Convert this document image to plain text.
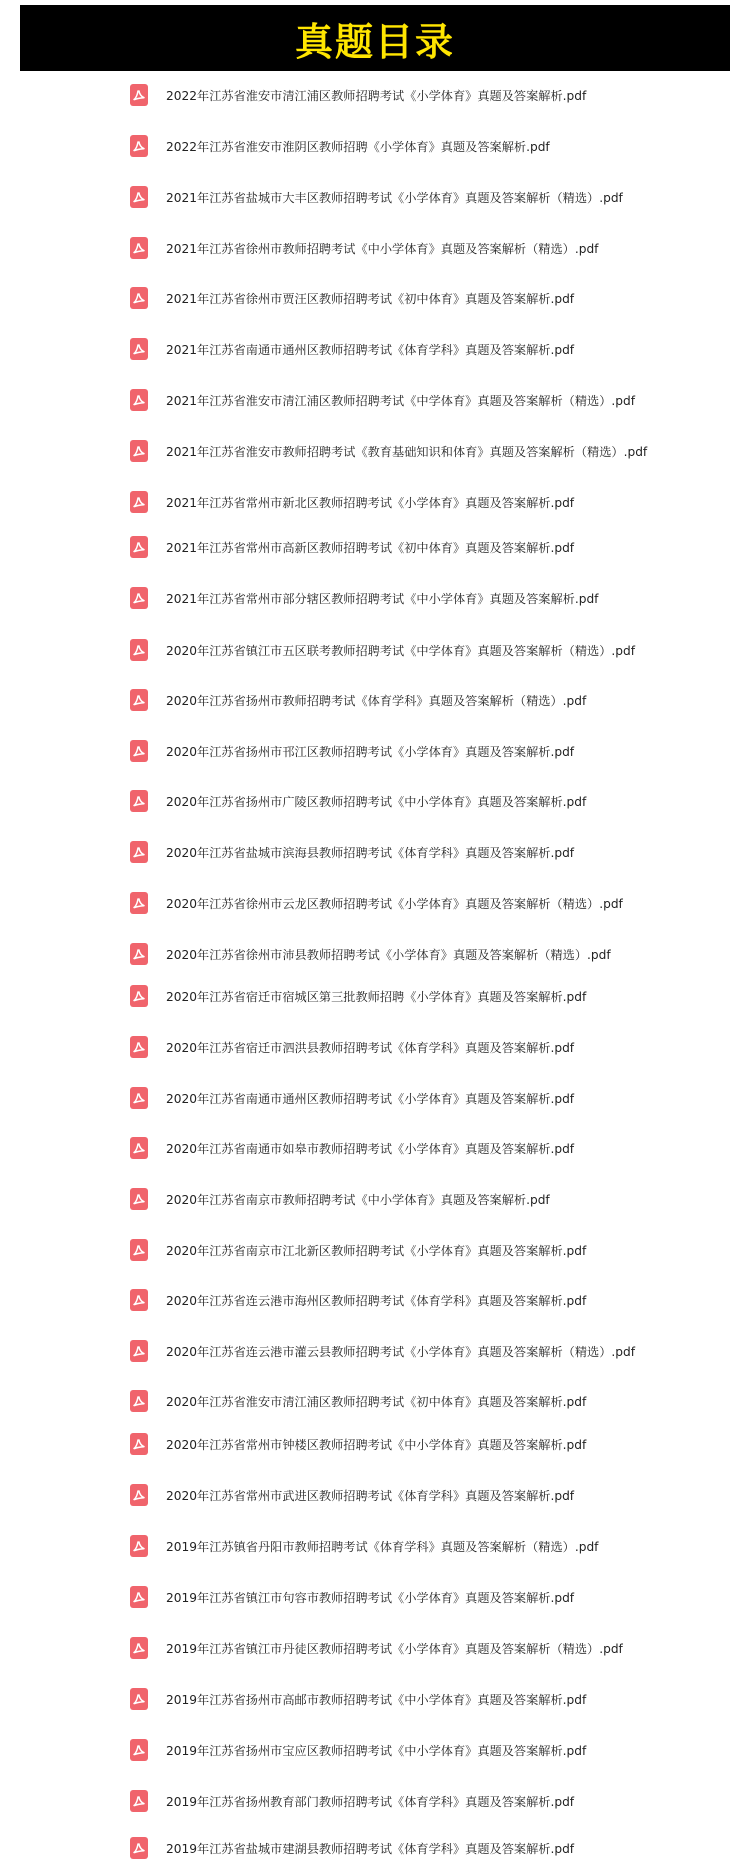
真题目录
2022年江苏省淮安市清江浦区教师招聘考试《小学体育》真题及答案解析.pdf
2022年江苏省淮安市淮阴区教师招聘《小学体育》真题及答案解析.pdf
2021年江苏省盐城市大丰区教师招聘考试《小学体育》真题及答案解析（精选）.pdf
2021年江苏省徐州市教师招聘考试《中小学体育》真题及答案解析（精选）.pdf
2021年江苏省徐州市贾汪区教师招聘考试《初中体育》真题及答案解析.pdf
2021年江苏省南通市通州区教师招聘考试《体育学科》真题及答案解析.pdf
2021年江苏省淮安市清江浦区教师招聘考试《中学体育》真题及答案解析（精选）.pdf
2021年江苏省淮安市教师招聘考试《教育基础知识和体育》真题及答案解析（精选）.pdf
2021年江苏省常州市新北区教师招聘考试《小学体育》真题及答案解析.pdf
2021年江苏省常州市高新区教师招聘考试《初中体育》真题及答案解析.pdf
2021年江苏省常州市部分辖区教师招聘考试《中小学体育》真题及答案解析.pdf
2020年江苏省镇江市五区联考教师招聘考试《中学体育》真题及答案解析（精选）.pdf
2020年江苏省扬州市教师招聘考试《体育学科》真题及答案解析（精选）.pdf
2020年江苏省扬州市邗江区教师招聘考试《小学体育》真题及答案解析.pdf
2020年江苏省扬州市广陵区教师招聘考试《中小学体育》真题及答案解析.pdf
2020年江苏省盐城市滨海县教师招聘考试《体育学科》真题及答案解析.pdf
2020年江苏省徐州市云龙区教师招聘考试《小学体育》真题及答案解析（精选）.pdf
2020年江苏省徐州市沛县教师招聘考试《小学体育》真题及答案解析（精选）.pdf
2020年江苏省宿迁市宿城区第三批教师招聘《小学体育》真题及答案解析.pdf
2020年江苏省宿迁市泗洪县教师招聘考试《体育学科》真题及答案解析.pdf
2020年江苏省南通市通州区教师招聘考试《小学体育》真题及答案解析.pdf
2020年江苏省南通市如皋市教师招聘考试《小学体育》真题及答案解析.pdf
2020年江苏省南京市教师招聘考试《中小学体育》真题及答案解析.pdf
2020年江苏省南京市江北新区教师招聘考试《小学体育》真题及答案解析.pdf
2020年江苏省连云港市海州区教师招聘考试《体育学科》真题及答案解析.pdf
2020年江苏省连云港市灌云县教师招聘考试《小学体育》真题及答案解析（精选）.pdf
2020年江苏省淮安市清江浦区教师招聘考试《初中体育》真题及答案解析.pdf
2020年江苏省常州市钟楼区教师招聘考试《中小学体育》真题及答案解析.pdf
2020年江苏省常州市武进区教师招聘考试《体育学科》真题及答案解析.pdf
2019年江苏镇省丹阳市教师招聘考试《体育学科》真题及答案解析（精选）.pdf
2019年江苏省镇江市句容市教师招聘考试《小学体育》真题及答案解析.pdf
2019年江苏省镇江市丹徒区教师招聘考试《小学体育》真题及答案解析（精选）.pdf
2019年江苏省扬州市高邮市教师招聘考试《中小学体育》真题及答案解析.pdf
2019年江苏省扬州市宝应区教师招聘考试《中小学体育》真题及答案解析.pdf
2019年江苏省扬州教育部门教师招聘考试《体育学科》真题及答案解析.pdf
2019年江苏省盐城市建湖县教师招聘考试《体育学科》真题及答案解析.pdf
